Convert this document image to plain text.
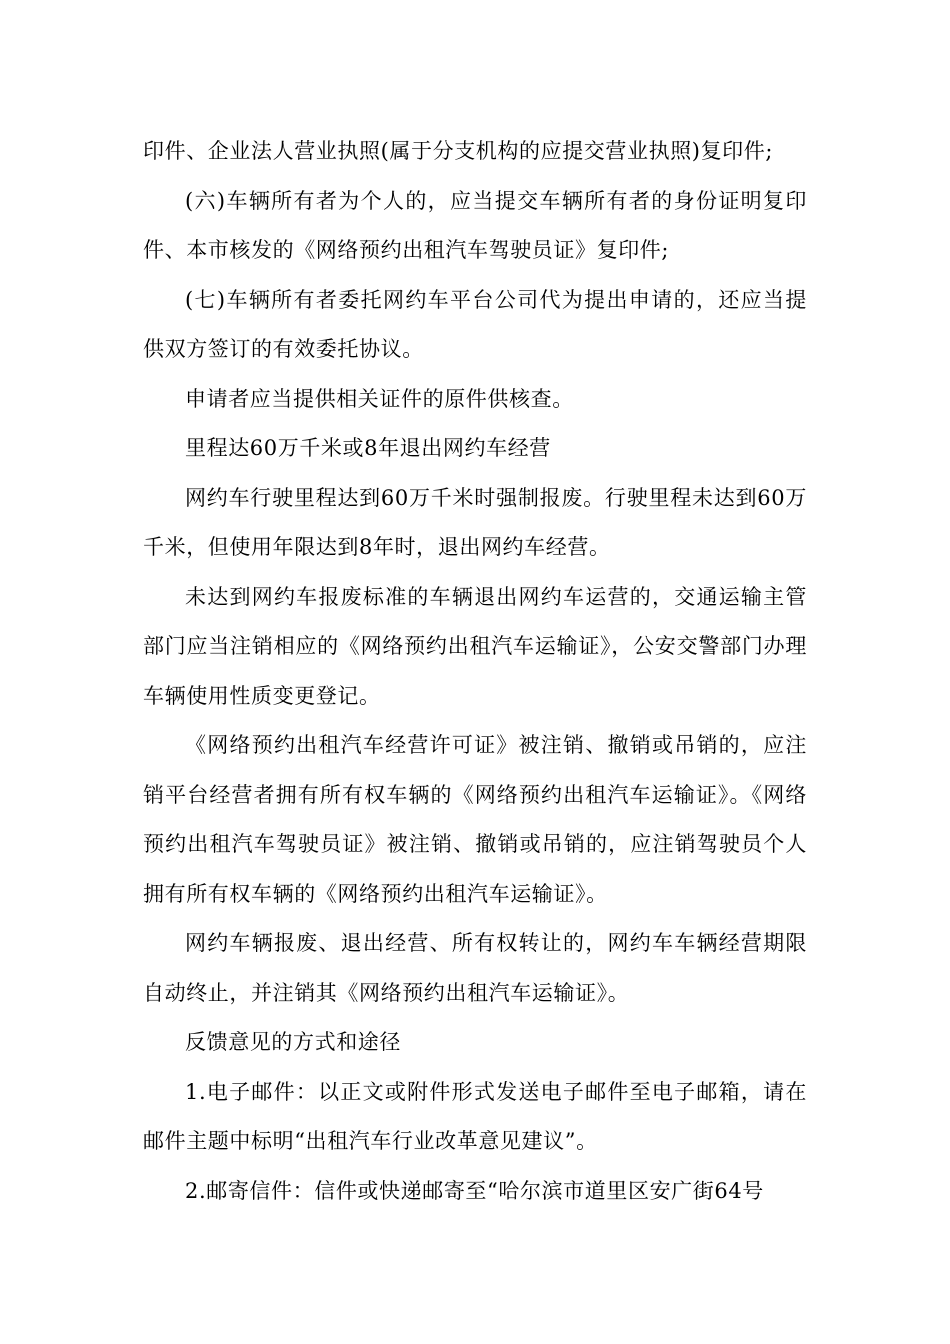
印件、企业法人营业执照(属于分支机构的应提交营业执照)复印件;

(六)车辆所有者为个人的，应当提交车辆所有者的身份证明复印件、本市核发的《网络预约出租汽车驾驶员证》复印件;

(七)车辆所有者委托网约车平台公司代为提出申请的，还应当提供双方签订的有效委托协议。

申请者应当提供相关证件的原件供核查。

里程达60万千米或8年退出网约车经营

网约车行驶里程达到60万千米时强制报废。行驶里程未达到60万千米，但使用年限达到8年时，退出网约车经营。

未达到网约车报废标准的车辆退出网约车运营的，交通运输主管部门应当注销相应的《网络预约出租汽车运输证》，公安交警部门办理车辆使用性质变更登记。

《网络预约出租汽车经营许可证》被注销、撤销或吊销的，应注销平台经营者拥有所有权车辆的《网络预约出租汽车运输证》。《网络预约出租汽车驾驶员证》被注销、撤销或吊销的，应注销驾驶员个人拥有所有权车辆的《网络预约出租汽车运输证》。

网约车辆报废、退出经营、所有权转让的，网约车车辆经营期限自动终止，并注销其《网络预约出租汽车运输证》。

反馈意见的方式和途径

1.电子邮件：以正文或附件形式发送电子邮件至电子邮箱，请在邮件主题中标明“出租汽车行业改革意见建议”。

2.邮寄信件：信件或快递邮寄至“哈尔滨市道里区安广街64号
